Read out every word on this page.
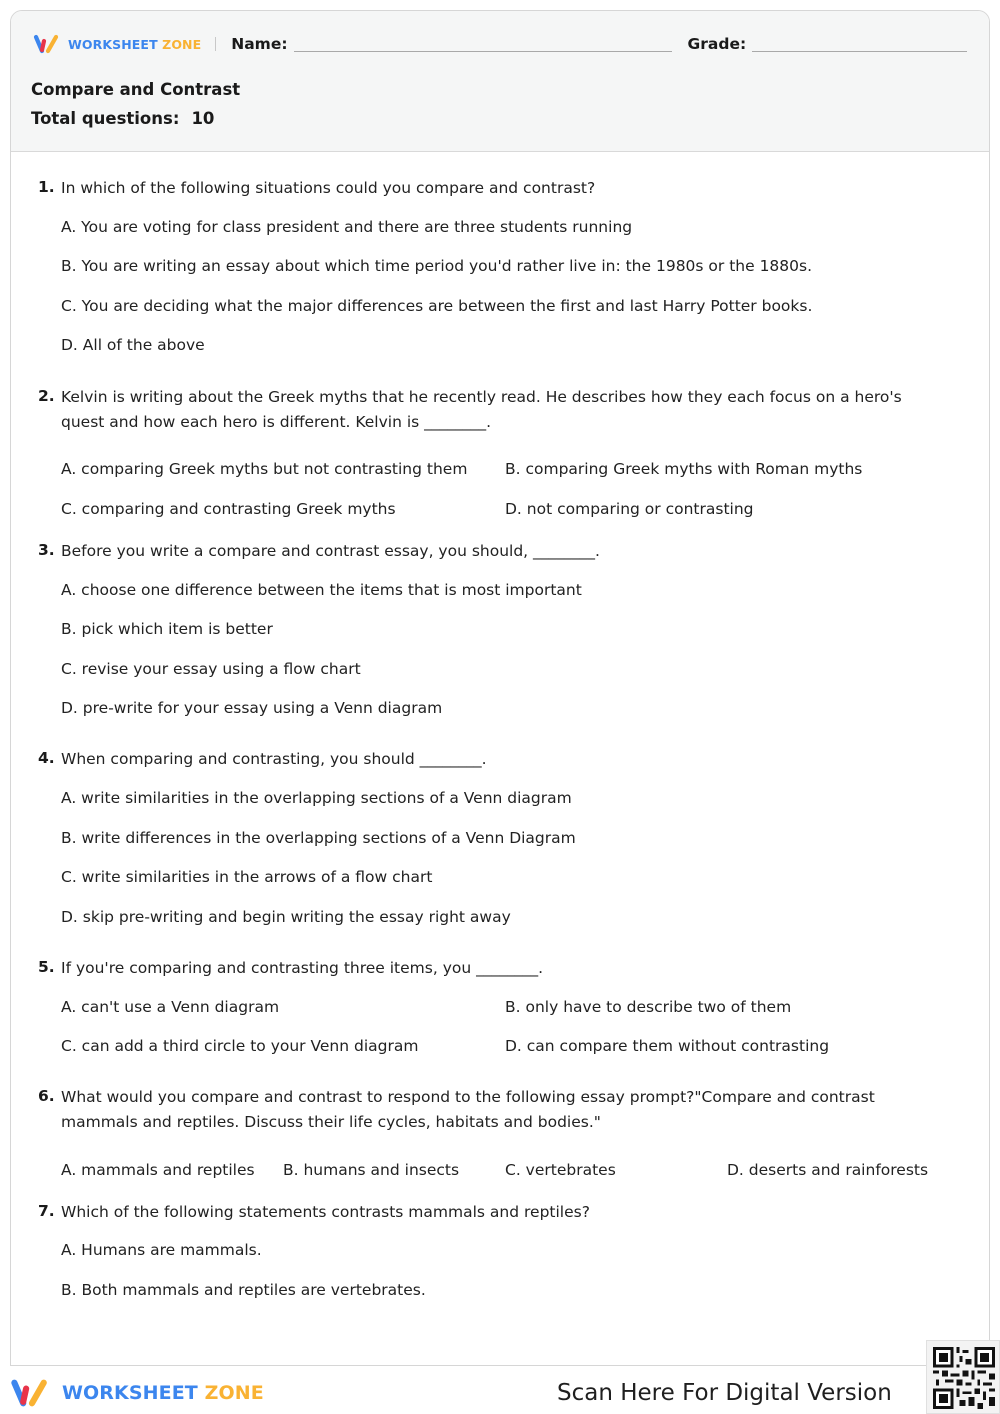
WORKSHEET ZONE Name:	Grade:
Compare and Contrast
Total questions: 10
1. In which of the following situations could you compare and contrast?
A. You are voting for class president and there are three students running
B. You are writing an essay about which time period you'd rather live in: the 1980s or the 1880s.
C. You are deciding what the major differences are between the first and last Harry Potter books.
D. All of the above
2. Kelvin is writing about the Greek myths that he recently read. He describes how they each focus on a hero's quest and how each hero is different. Kelvin is ________.
A. comparing Greek myths but not contrasting them B. comparing Greek myths with Roman myths
C. comparing and contrasting Greek myths	D. not comparing or contrasting
3. Before you write a compare and contrast essay, you should, ________.
A. choose one difference between the items that is most important
B. pick which item is better
C. revise your essay using a flow chart
D. pre-write for your essay using a Venn diagram
4. When comparing and contrasting, you should ________.
A. write similarities in the overlapping sections of a Venn diagram
B. write differences in the overlapping sections of a Venn Diagram
C. write similarities in the arrows of a flow chart
D. skip pre-writing and begin writing the essay right away
5. If you're comparing and contrasting three items, you ________.
A. can't use a Venn diagram	B. only have to describe two of them
C. can add a third circle to your Venn diagram	D. can compare them without contrasting
6. What would you compare and contrast to respond to the following essay prompt?"Compare and contrast mammals and reptiles. Discuss their life cycles, habitats and bodies."
A. mammals and reptiles B. humans and insects	C. vertebrates	D. deserts and rainforests
7. Which of the following statements contrasts mammals and reptiles?
A. Humans are mammals.
B. Both mammals and reptiles are vertebrates.
WORKSHEET ZONE	Scan Here For Digital Version
